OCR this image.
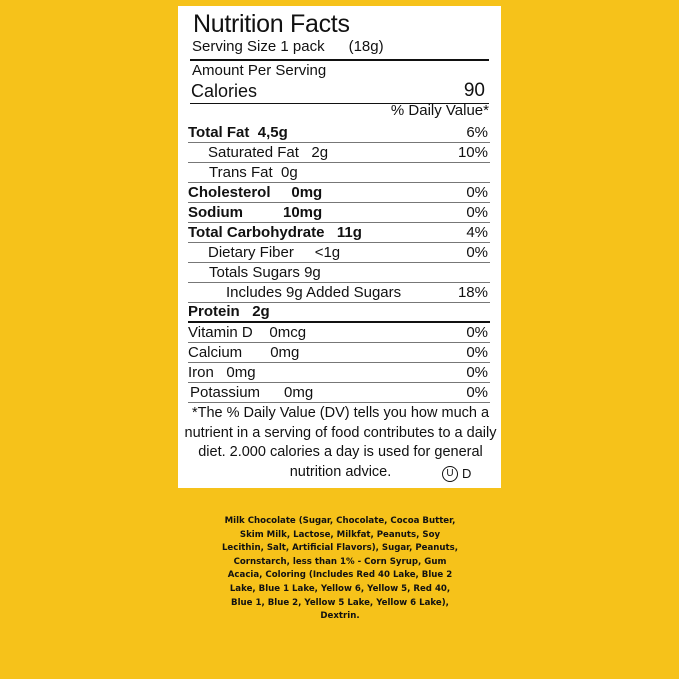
Nutrition Facts
Serving Size 1 pack (18g)
Amount Per Serving
Calories	90
% Daily Value*
Total Fat 4,5g	6%
Saturated Fat 2g	10%
Trans Fat 0g
Cholesterol 0mg	0%
Sodium	10mg	0%
Total Carbohydrate 11g	4%
Dietary Fiber <1g	0%
Totals Sugars 9g
Includes 9g Added Sugars	18%
Protein 2g
Vitamin D 0mcg	0%
Calcium 0mg	0%
Iron 0mg	0%
Potassium 0mg	0%
*The % Daily Value (DV) tells you how much a nutrient in a serving of food contributes to a daily diet. 2.000 calories a day is used for general nutrition advice.	U D
Milk Chocolate (Sugar, Chocolate, Cocoa Butter, Skim Milk, Lactose, Milkfat, Peanuts, Soy Lecithin, Salt, Artificial Flavors), Sugar, Peanuts, Cornstarch, less than 1% - Corn Syrup, Gum Acacia, Coloring (Includes Red 40 Lake, Blue 2 Lake, Blue 1 Lake, Yellow 6, Yellow 5, Red 40, Blue 1, Blue 2, Yellow 5 Lake, Yellow 6 Lake), Dextrin.
